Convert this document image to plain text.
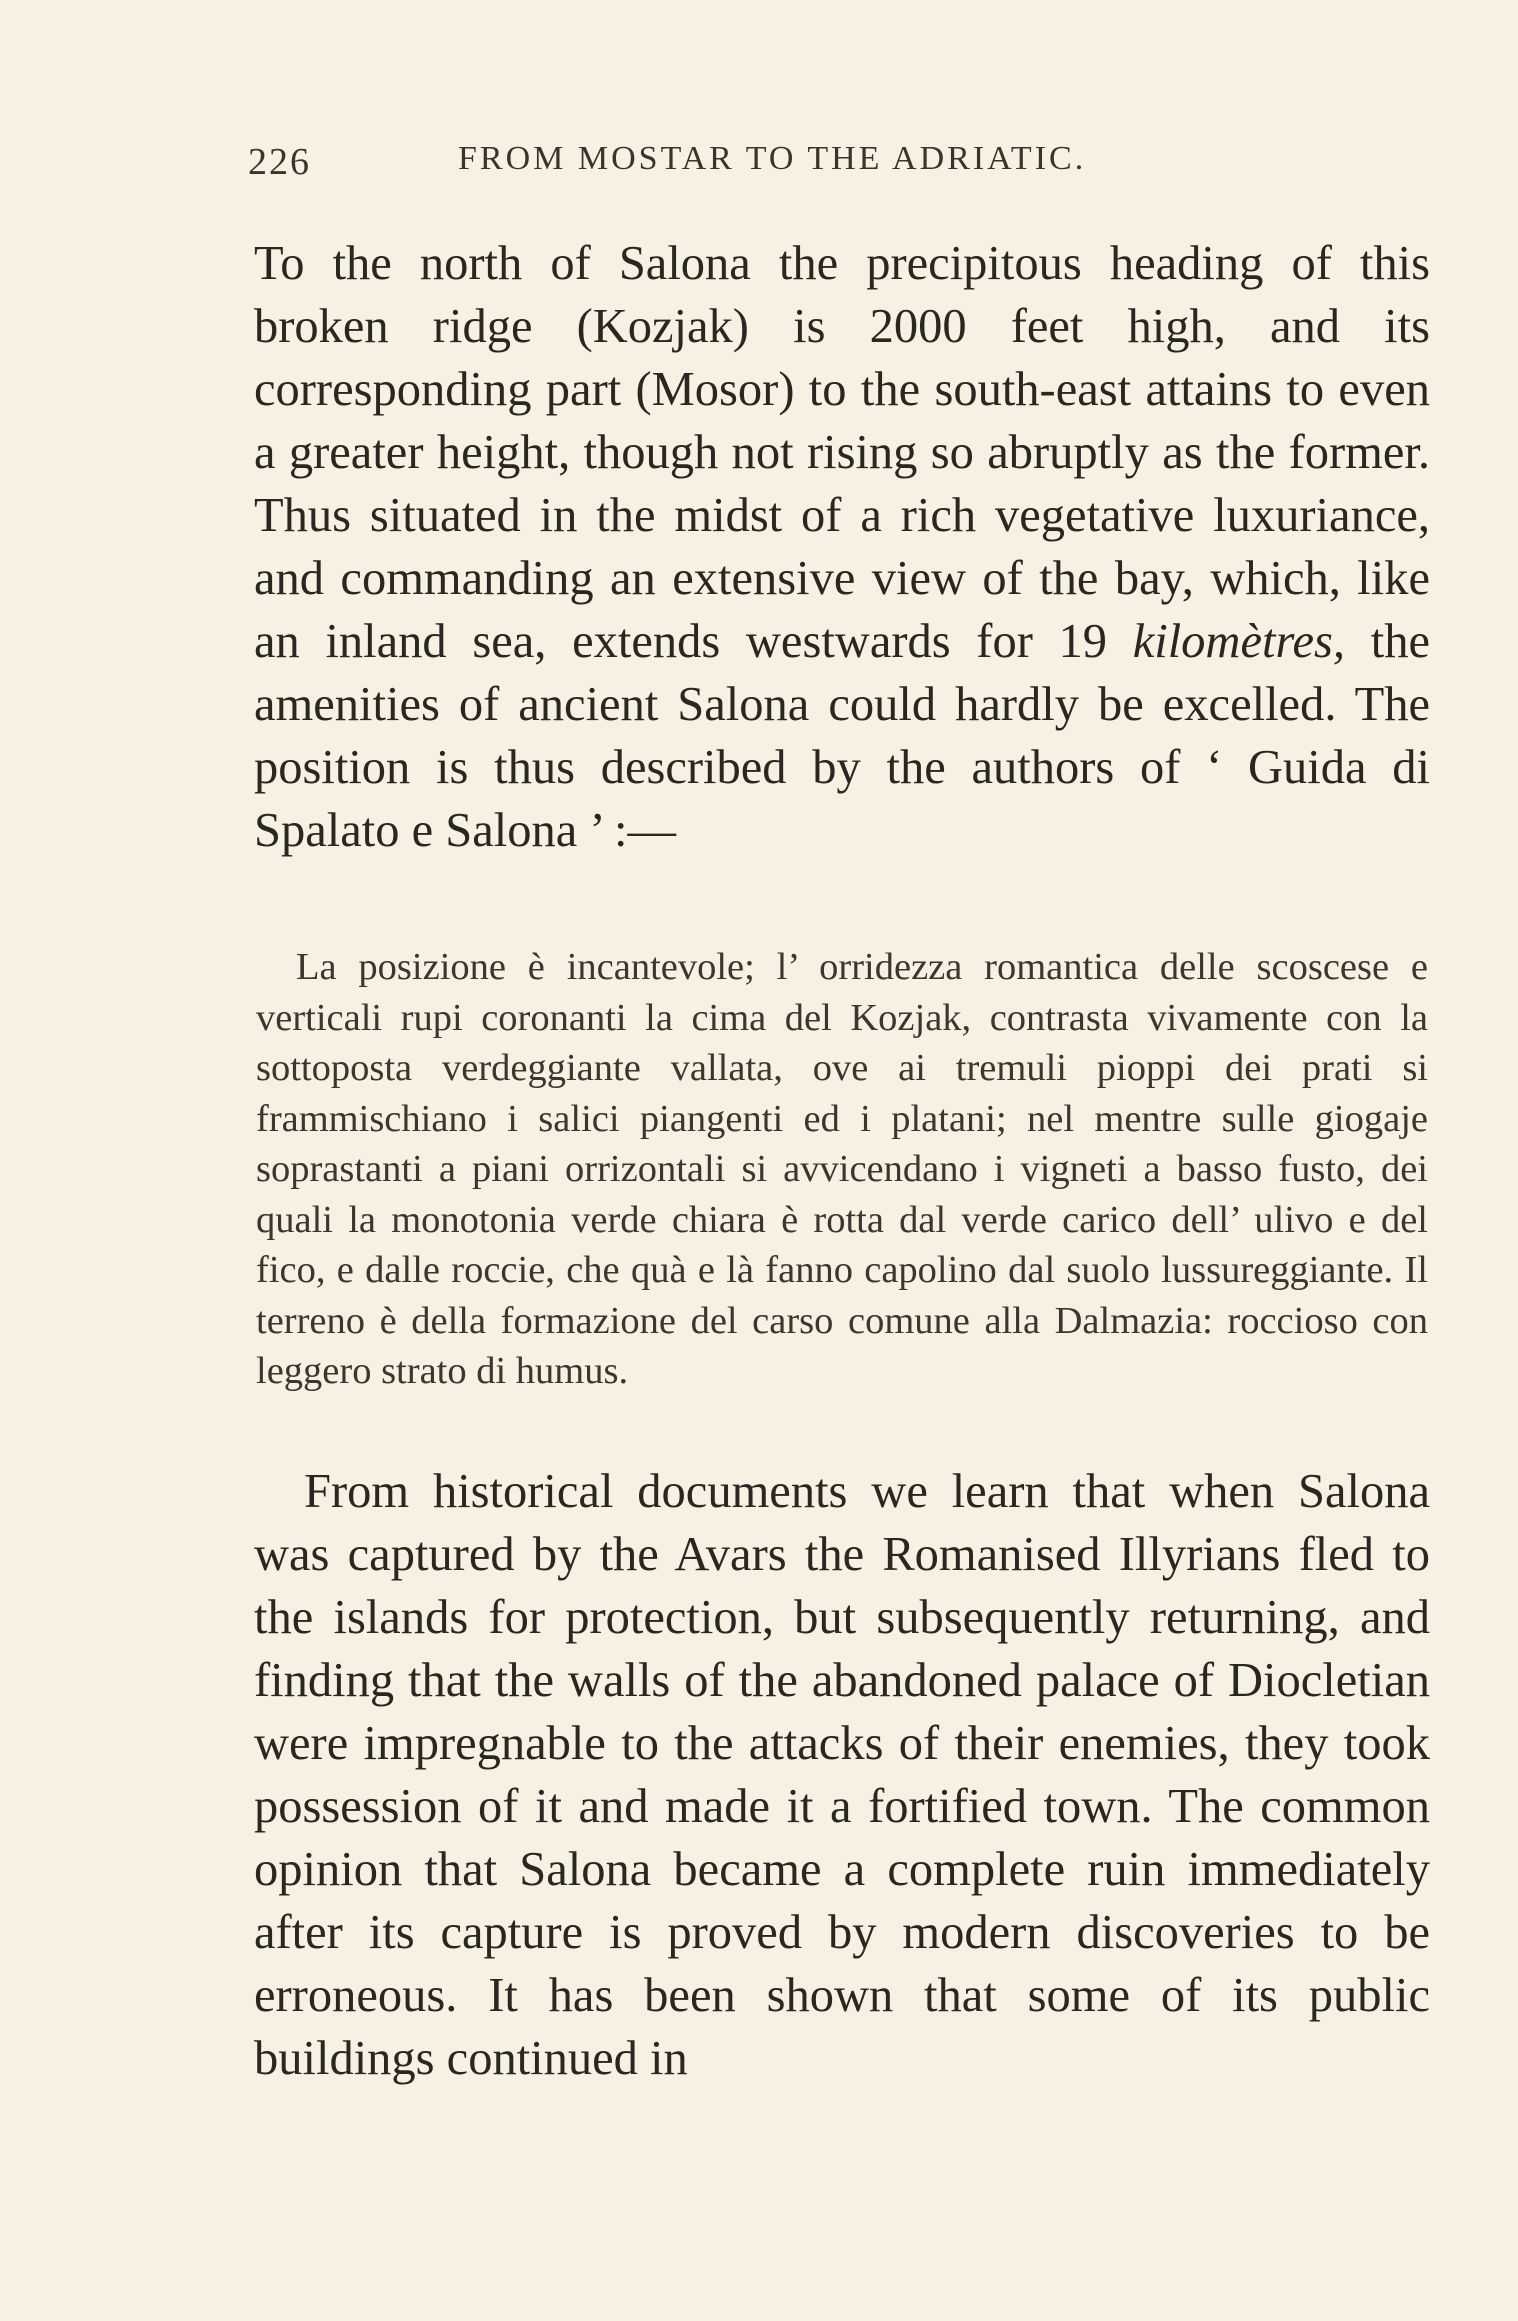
226	FROM MOSTAR TO THE ADRIATIC.

To the north of Salona the precipitous heading of this broken ridge (Kozjak) is 2000 feet high, and its corresponding part (Mosor) to the south-east attains to even a greater height, though not rising so abruptly as the former. Thus situated in the midst of a rich vegetative luxuriance, and commanding an extensive view of the bay, which, like an inland sea, extends westwards for 19 kilomètres, the amenities of ancient Salona could hardly be excelled. The position is thus described by the authors of ‘ Guida di Spalato e Salona ’ :—

La posizione è incantevole; l’ orridezza romantica delle scoscese e verticali rupi coronanti la cima del Kozjak, contrasta vivamente con la sottoposta verdeggiante vallata, ove ai tremuli pioppi dei prati si frammischiano i salici piangenti ed i platani; nel mentre sulle giogaje soprastanti a piani orrizontali si avvicendano i vigneti a basso fusto, dei quali la monotonia verde chiara è rotta dal verde carico dell’ ulivo e del fico, e dalle roccie, che quà e là fanno capolino dal suolo lussureggiante. Il terreno è della formazione del carso comune alla Dalmazia: roccioso con leggero strato di humus.

From historical documents we learn that when Salona was captured by the Avars the Romanised Illyrians fled to the islands for protection, but subsequently returning, and finding that the walls of the abandoned palace of Diocletian were impregnable to the attacks of their enemies, they took possession of it and made it a fortified town. The common opinion that Salona became a complete ruin immediately after its capture is proved by modern discoveries to be erroneous. It has been shown that some of its public buildings continued in
